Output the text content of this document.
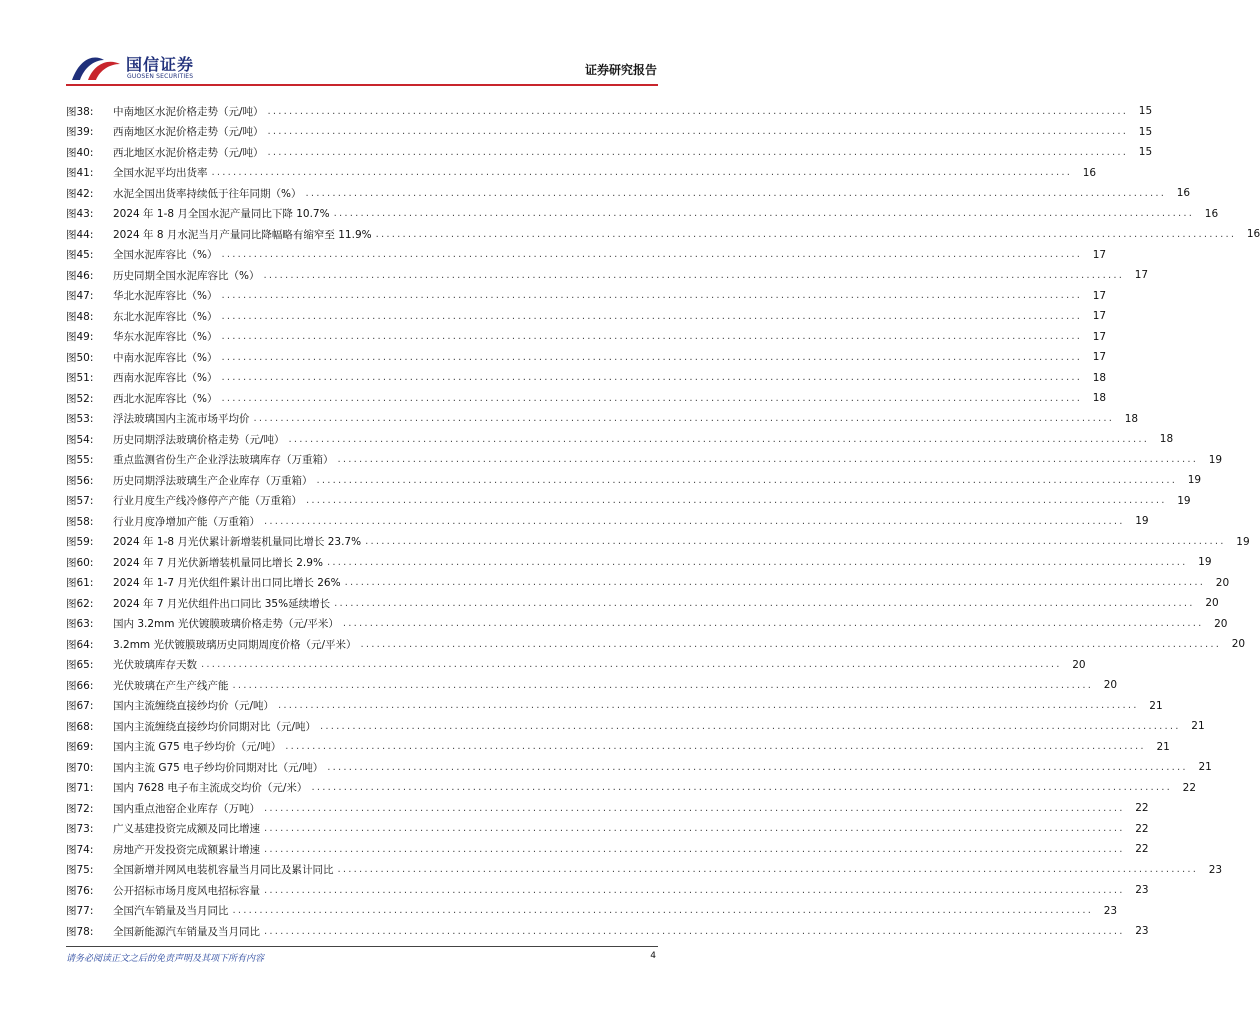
国信证券
GUOSEN SECURITIES	证券研究报告
图38:	中南地区水泥价格走势（元/吨） ................................................................................................................................................................	15
图39:	西南地区水泥价格走势（元/吨） ................................................................................................................................................................	15
图40:	西北地区水泥价格走势（元/吨） ................................................................................................................................................................	15
图41:	全国水泥平均出货率 ................................................................................................................................................................	16
图42:	水泥全国出货率持续低于往年同期（%） ................................................................................................................................................................	16
图43:	2024 年 1-8 月全国水泥产量同比下降 10.7% ................................................................................................................................................................	16
图44:	2024 年 8 月水泥当月产量同比降幅略有缩窄至 11.9% ................................................................................................................................................................	16
图45:	全国水泥库容比（%） ................................................................................................................................................................	17
图46:	历史同期全国水泥库容比（%） ................................................................................................................................................................	17
图47:	华北水泥库容比（%） ................................................................................................................................................................	17
图48:	东北水泥库容比（%） ................................................................................................................................................................	17
图49:	华东水泥库容比（%） ................................................................................................................................................................	17
图50:	中南水泥库容比（%） ................................................................................................................................................................	17
图51:	西南水泥库容比（%） ................................................................................................................................................................	18
图52:	西北水泥库容比（%） ................................................................................................................................................................	18
图53:	浮法玻璃国内主流市场平均价 ................................................................................................................................................................	18
图54:	历史同期浮法玻璃价格走势（元/吨） ................................................................................................................................................................	18
图55:	重点监测省份生产企业浮法玻璃库存（万重箱） ................................................................................................................................................................	19
图56:	历史同期浮法玻璃生产企业库存（万重箱） ................................................................................................................................................................	19
图57:	行业月度生产线冷修停产产能（万重箱） ................................................................................................................................................................	19
图58:	行业月度净增加产能（万重箱） ................................................................................................................................................................	19
图59:	2024 年 1-8 月光伏累计新增装机量同比增长 23.7% ................................................................................................................................................................	19
图60:	2024 年 7 月光伏新增装机量同比增长 2.9% ................................................................................................................................................................	19
图61:	2024 年 1-7 月光伏组件累计出口同比增长 26% ................................................................................................................................................................	20
图62:	2024 年 7 月光伏组件出口同比 35%延续增长 ................................................................................................................................................................	20
图63:	国内 3.2mm 光伏镀膜玻璃价格走势（元/平米） ................................................................................................................................................................	20
图64:	3.2mm 光伏镀膜玻璃历史同期周度价格（元/平米） ................................................................................................................................................................	20
图65:	光伏玻璃库存天数 ................................................................................................................................................................	20
图66:	光伏玻璃在产生产线产能 ................................................................................................................................................................	20
图67:	国内主流缠绕直接纱均价（元/吨） ................................................................................................................................................................	21
图68:	国内主流缠绕直接纱均价同期对比（元/吨） ................................................................................................................................................................	21
图69:	国内主流 G75 电子纱均价（元/吨） ................................................................................................................................................................	21
图70:	国内主流 G75 电子纱均价同期对比（元/吨） ................................................................................................................................................................	21
图71:	国内 7628 电子布主流成交均价（元/米） ................................................................................................................................................................	22
图72:	国内重点池窑企业库存（万吨） ................................................................................................................................................................	22
图73:	广义基建投资完成额及同比增速 ................................................................................................................................................................	22
图74:	房地产开发投资完成额累计增速 ................................................................................................................................................................	22
图75:	全国新增并网风电装机容量当月同比及累计同比 ................................................................................................................................................................	23
图76:	公开招标市场月度风电招标容量 ................................................................................................................................................................	23
图77:	全国汽车销量及当月同比 ................................................................................................................................................................	23
图78:	全国新能源汽车销量及当月同比 ................................................................................................................................................................	23
请务必阅读正文之后的免责声明及其项下所有内容	4
